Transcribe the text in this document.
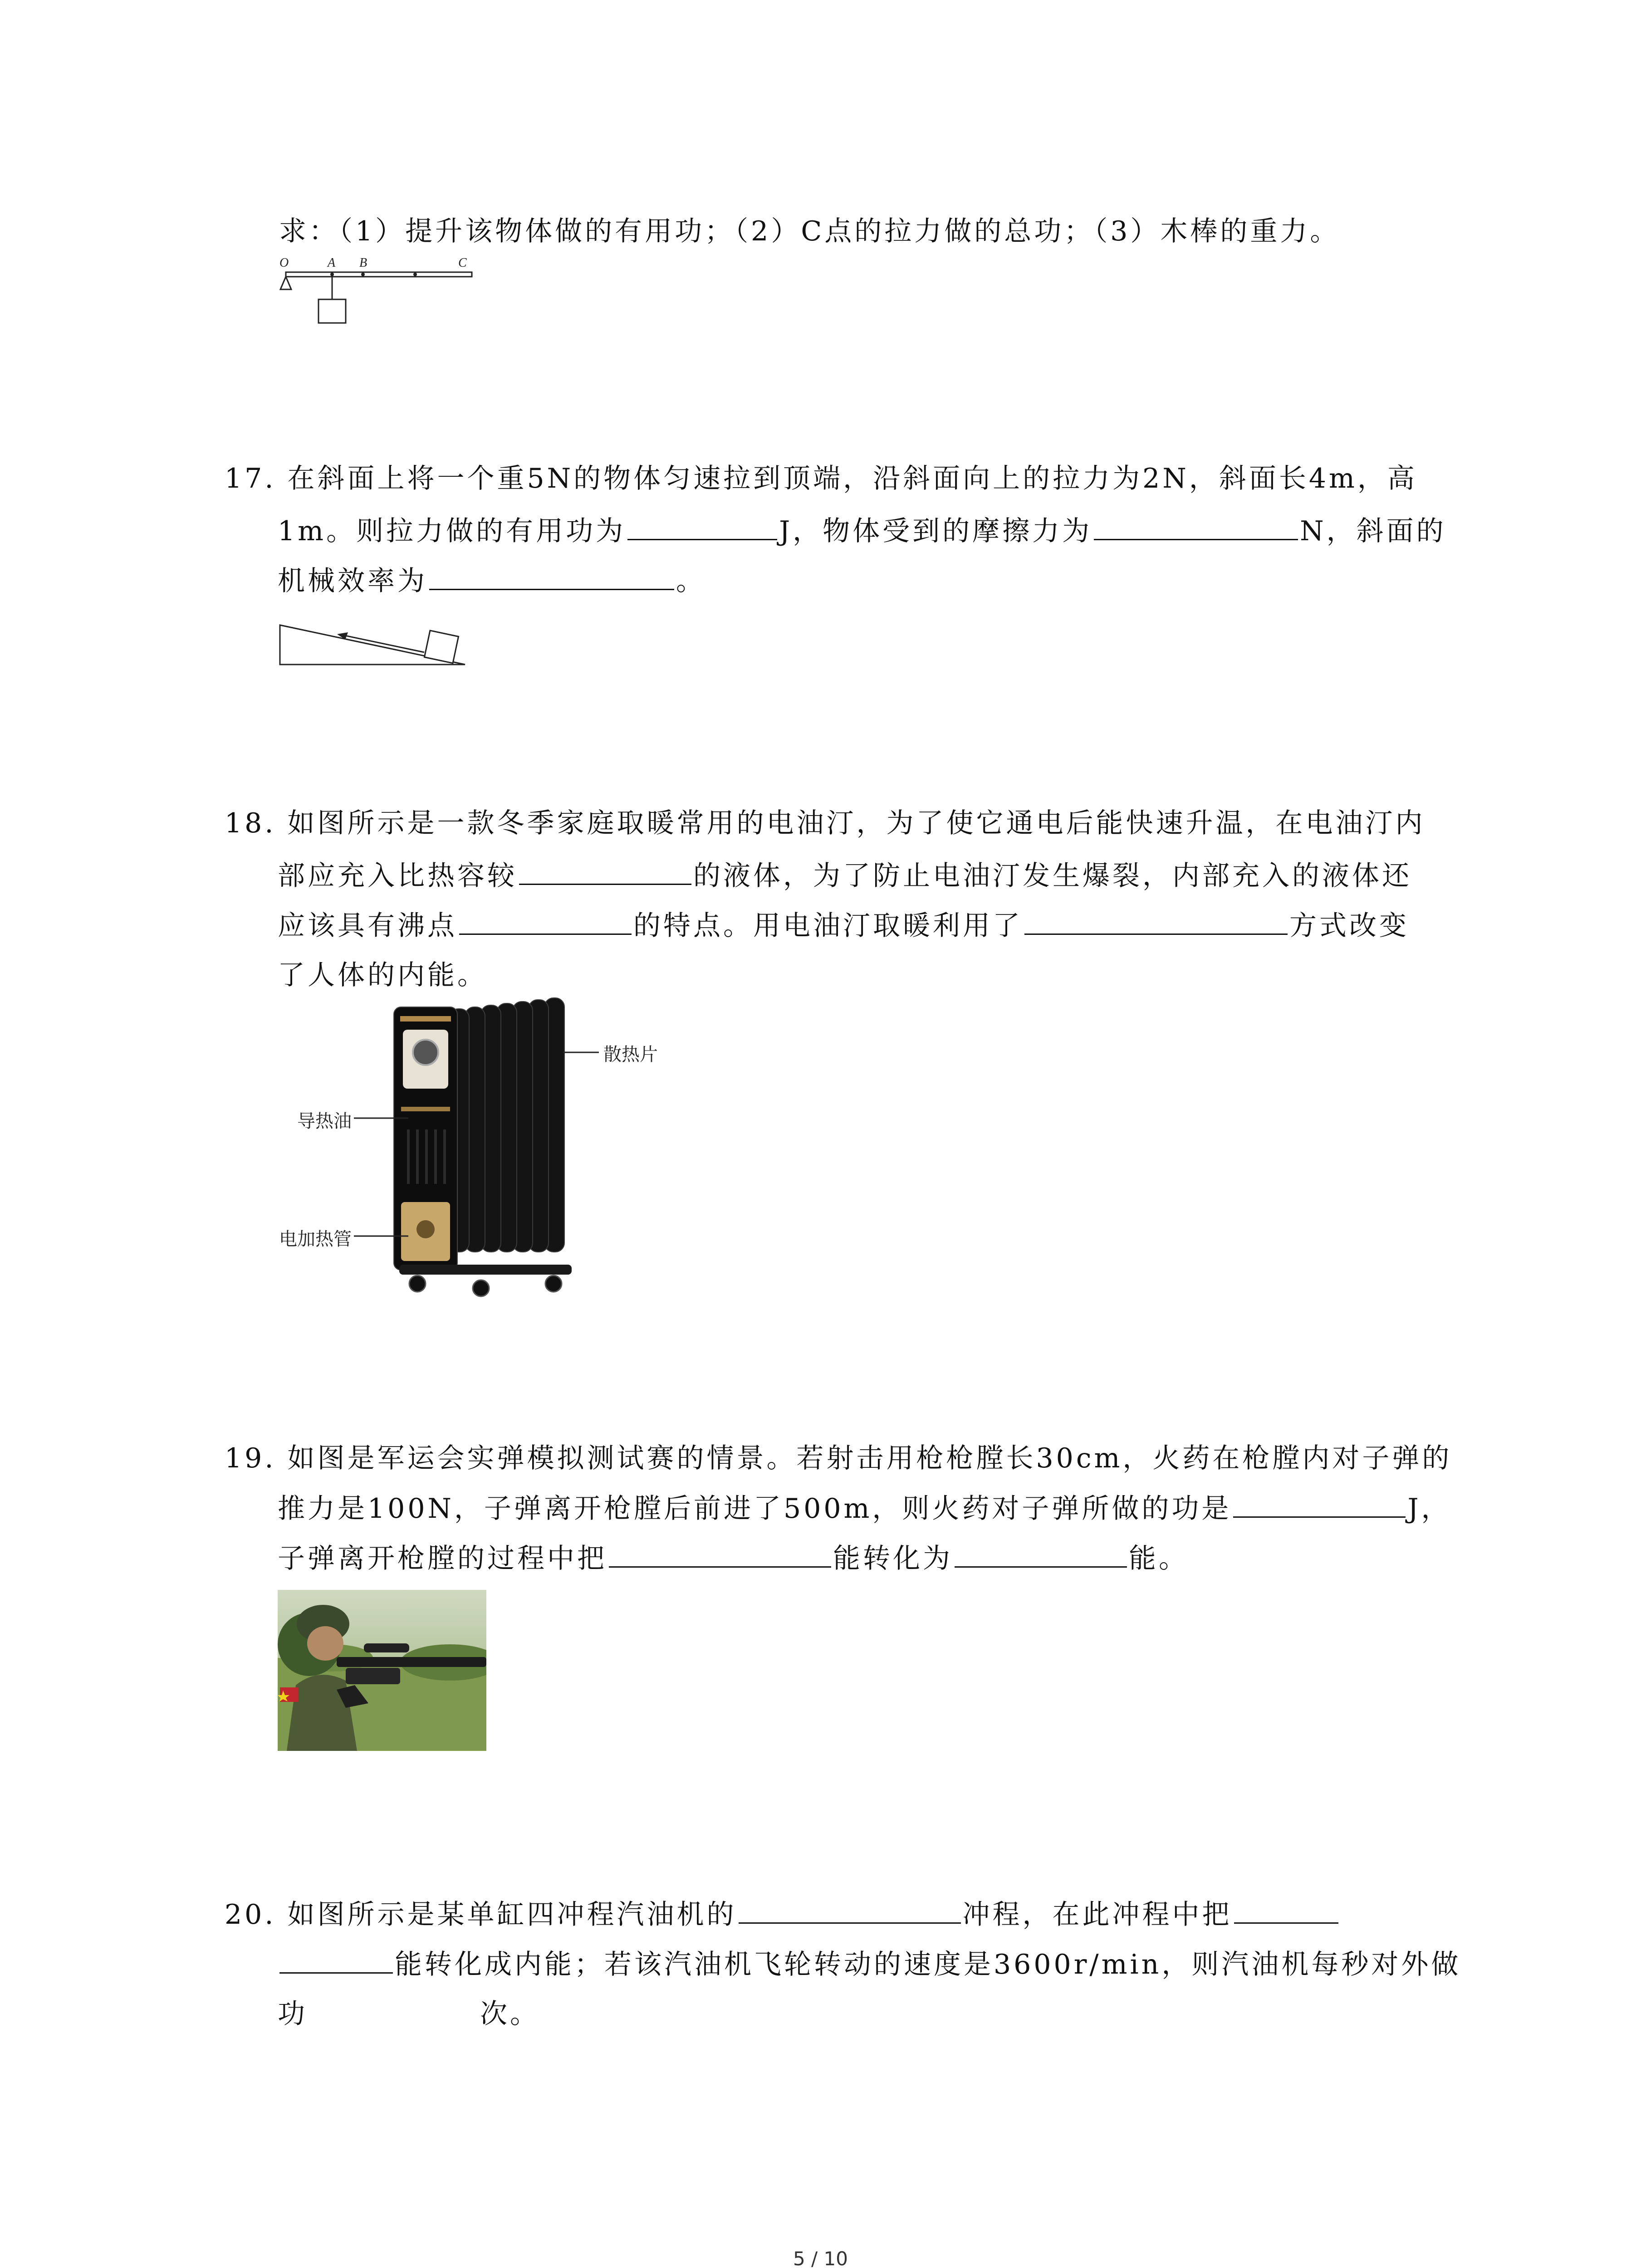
求：（1）提升该物体做的有用功；（2）C点的拉力做的总功；（3）木棒的重力。
O	A B	C
17. 在斜面上将一个重5N的物体匀速拉到顶端，沿斜面向上的拉力为2N，斜面长4m，高
1m。则拉力做的有用功为	J，物体受到的摩擦力为	N，斜面的
机械效率为	。
18. 如图所示是一款冬季家庭取暖常用的电油汀，为了使它通电后能快速升温，在电油汀内
部应充入比热容较	的液体，为了防止电油汀发生爆裂，内部充入的液体还
应该具有沸点	的特点。用电油汀取暖利用了	方式改变
了人体的内能。
散热片
导热油
电加热管
19. 如图是军运会实弹模拟测试赛的情景。若射击用枪枪膛长30cm，火药在枪膛内对子弹的
推力是100N，子弹离开枪膛后前进了500m，则火药对子弹所做的功是	J，
子弹离开枪膛的过程中把	能转化为	能。
20. 如图所示是某单缸四冲程汽油机的	冲程，在此冲程中把
能转化成内能；若该汽油机飞轮转动的速度是3600r/min，则汽油机每秒对外做
功	次。
5 / 10
